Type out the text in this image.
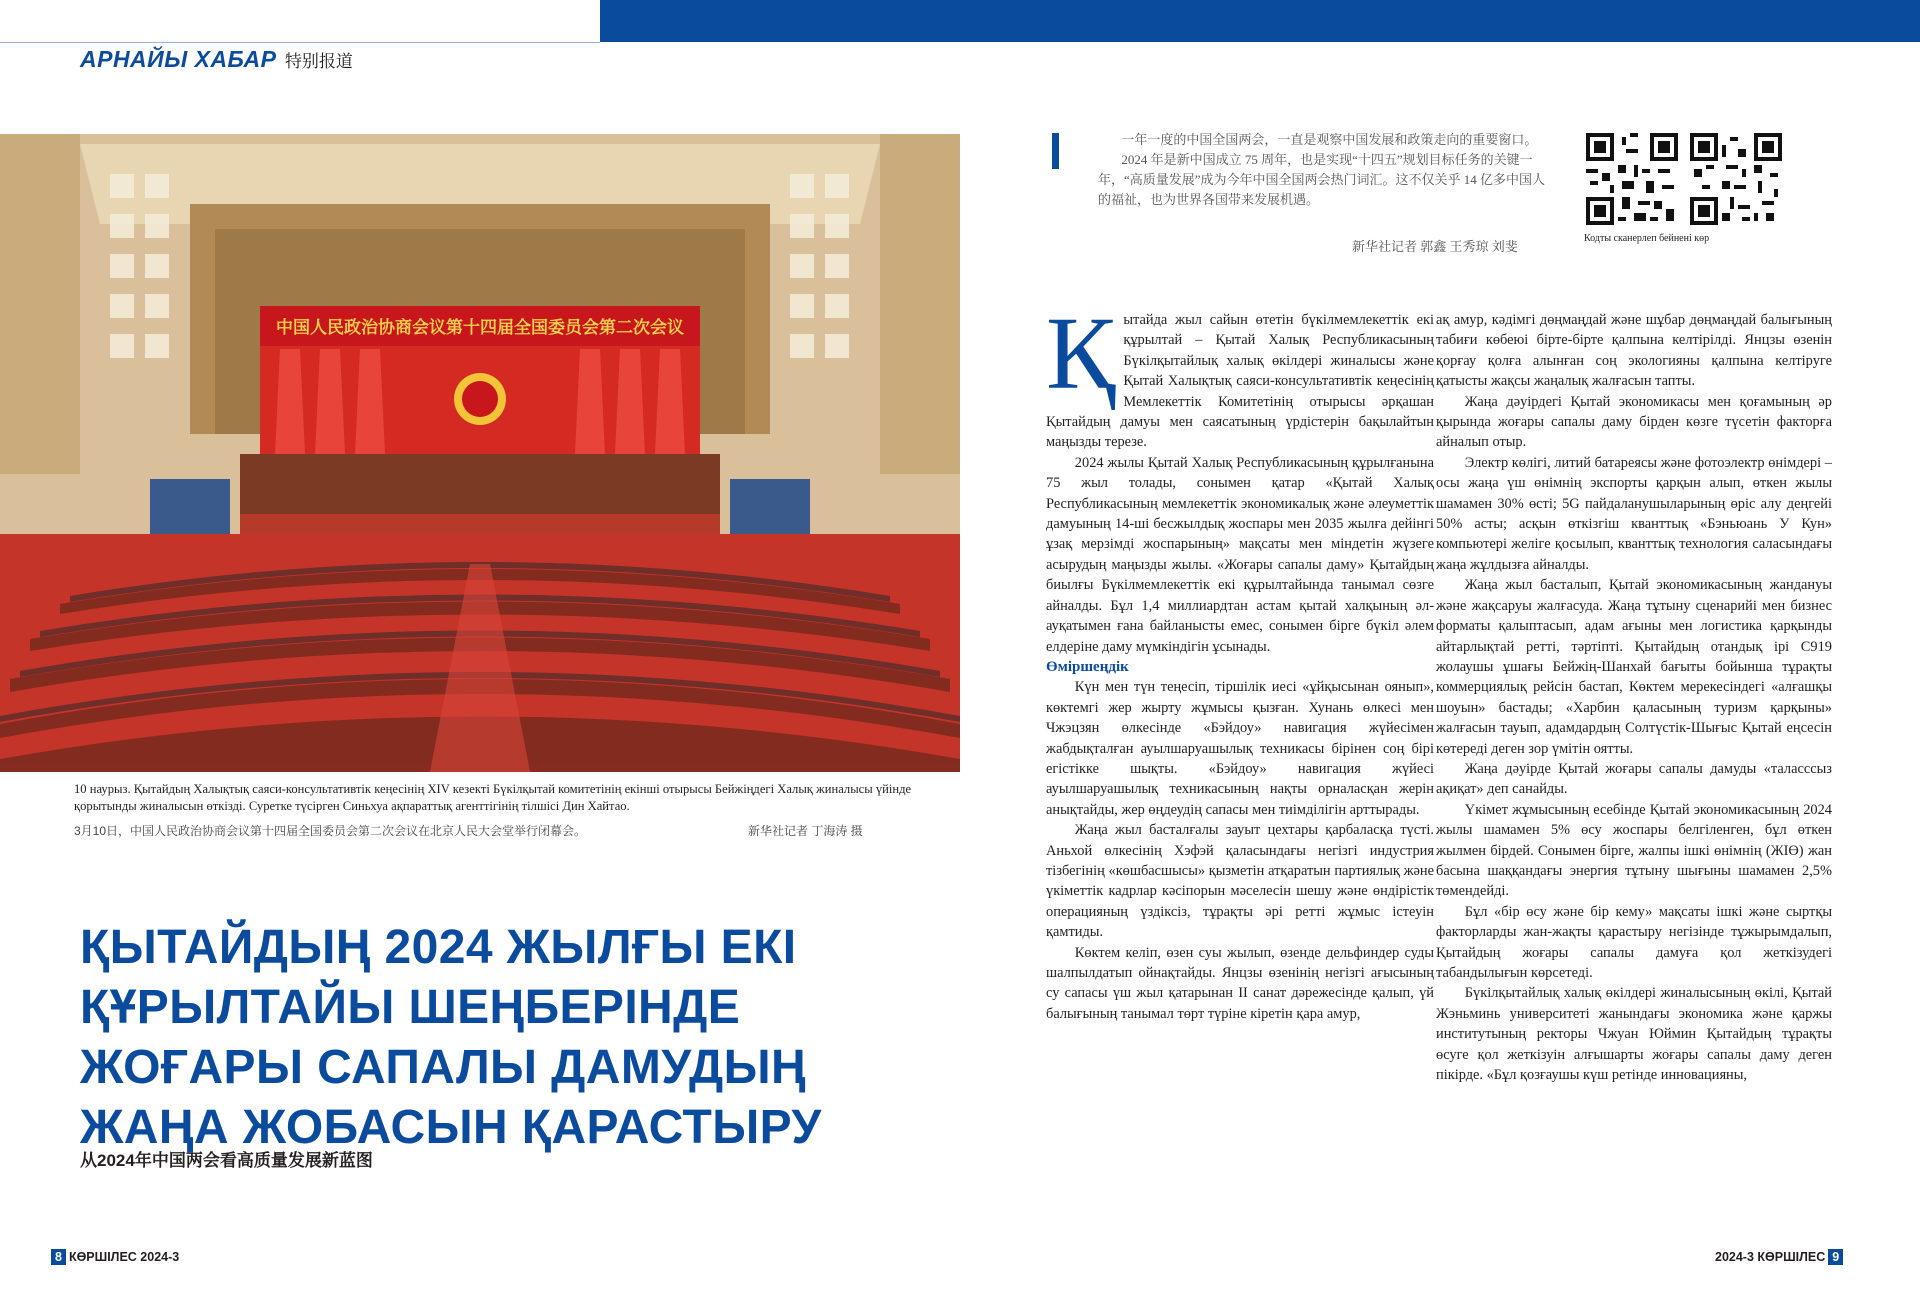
АРНАЙЫ ХАБАР 特别报道
中国人民政治协商会议第十四届全国委员会第二次会议
10 наурыз. Қытайдың Халықтық саяси-консультативтік кеңесінің XIV кезекті Бүкілқытай комитетінің екінші отырысы Бейжіңдегі Халық жиналысы үйінде қорытынды жиналысын өткізді. Суретке түсірген Синьхуа ақпараттық агенттігінің тілшісі Дин Хайтао.
3月10日，中国人民政治协商会议第十四届全国委员会第二次会议在北京人民大会堂举行闭幕会。	新华社记者 丁海涛 摄
ҚЫТАЙДЫҢ 2024 ЖЫЛҒЫ ЕКІ ҚҰРЫЛТАЙЫ ШЕҢБЕРІНДЕ ЖОҒАРЫ САПАЛЫ ДАМУДЫҢ ЖАҢА ЖОБАСЫН ҚАРАСТЫРУ
从2024年中国两会看高质量发展新蓝图

一年一度的中国全国两会，一直是观察中国发展和政策走向的重要窗口。

2024 年是新中国成立 75 周年，也是实现“十四五”规划目标任务的关键一年，“高质量发展”成为今年中国全国两会热门词汇。这不仅关乎 14 亿多中国人的福祉，也为世界各国带来发展机遇。

新华社记者 郭鑫 王秀琼 刘斐
Кодты сканерлеп бейнені көр

Қытайда жыл сайын өтетін бүкілмемлекеттік екі құрылтай – Қытай Халық Республикасының Бүкілқытайлық халық өкілдері жиналысы және Қытай Халықтық саяси-консультативтік кеңесінің Мемлекеттік Комитетінің отырысы әрқашан Қытайдың дамуы мен саясатының үрдістерін бақылайтын маңызды терезе.

2024 жылы Қытай Халық Республикасының құрылғанына 75 жыл толады, сонымен қатар «Қытай Халық Республикасының мемлекеттік экономикалық және әлеуметтік дамуының 14-ші бесжылдық жоспары мен 2035 жылға дейінгі ұзақ мерзімді жоспарының» мақсаты мен міндетін жүзеге асырудың маңызды жылы. «Жоғары сапалы даму» Қытайдың биылғы Бүкілмемлекеттік екі құрылтайында танымал сөзге айналды. Бұл 1,4 миллиардтан астам қытай халқының әл-ауқатымен ғана байланысты емес, сонымен бірге бүкіл әлем елдеріне даму мүмкіндігін ұсынады.

Өміршеңдік

Күн мен түн теңесіп, тіршілік иесі «ұйқысынан оянып», көктемгі жер жырту жұмысы қызған. Хунань өлкесі мен Чжэцзян өлкесінде «Бэйдоу» навигация жүйесімен жабдықталған ауылшаруашылық техникасы бірінен соң бірі егістікке шықты. «Бэйдоу» навигация жүйесі ауылшаруашылық техникасының нақты орналасқан жерін анықтайды, жер өңдеудің сапасы мен тиімділігін арттырады.

Жаңа жыл басталғалы зауыт цехтары қарбаласқа түсті. Аньхой өлкесінің Хэфэй қаласындағы негізгі индустрия тізбегінің «көшбасшысы» қызметін атқаратын партиялық және үкіметтік кадрлар кәсіпорын мәселесін шешу және өндірістік операцияның үздіксіз, тұрақты әрі ретті жұмыс істеуін қамтиды.

Көктем келіп, өзен суы жылып, өзенде дельфиндер суды шалпылдатып ойнақтайды. Янцзы өзенінің негізгі ағысының су сапасы үш жыл қатарынан II санат дәрежесінде қалып, үй балығының танымал төрт түріне кіретін қара амур,

ақ амур, кәдімгі дөңмаңдай және шұбар дөңмаңдай балығының табиғи көбеюі бірте-бірте қалпына келтірілді. Янцзы өзенін қорғау қолға алынған соң экологияны қалпына келтіруге қатысты жақсы жаңалық жалғасын тапты.

Жаңа дәуірдегі Қытай экономикасы мен қоғамының әр қырында жоғары сапалы даму бірден көзге түсетін факторға айналып отыр.

Электр көлігі, литий батареясы және фотоэлектр өнімдері – осы жаңа үш өнімнің экспорты қарқын алып, өткен жылы шамамен 30% өсті; 5G пайдаланушыларының өріс алу деңгейі 50% асты; асқын өткізгіш кванттық «Бэньюань У Кун» компьютері желіге қосылып, кванттық технология саласындағы жаңа жұлдызға айналды.

Жаңа жыл басталып, Қытай экономикасының жандануы және жақсаруы жалғасуда. Жаңа тұтыну сценарийі мен бизнес форматы қалыптасып, адам ағыны мен логистика қарқынды айтарлықтай ретті, тәртіпті. Қытайдың отандық ірі С919 жолаушы ұшағы Бейжің-Шанхай бағыты бойынша тұрақты коммерциялық рейсін бастап, Көктем мерекесіндегі «алғашқы шоуын» бастады; «Харбин қаласының туризм қарқыны» жалғасын тауып, адамдардың Солтүстік-Шығыс Қытай еңсесін көтереді деген зор үмітін оятты.

Жаңа дәуірде Қытай жоғары сапалы дамуды «таласссыз ақиқат» деп санайды.

Үкімет жұмысының есебінде Қытай экономикасының 2024 жылы шамамен 5% өсу жоспары белгіленген, бұл өткен жылмен бірдей. Сонымен бірге, жалпы ішкі өнімнің (ЖІӨ) жан басына шаққандағы энергия тұтыну шығыны шамамен 2,5% төмендейді.

Бұл «бір өсу және бір кему» мақсаты ішкі және сыртқы факторларды жан-жақты қарастыру негізінде тұжырымдалып, Қытайдың жоғары сапалы дамуға қол жеткізудегі табандылығын көрсетеді.

Бүкілқытайлық халық өкілдері жиналысының өкілі, Қытай Жэньминь университеті жанындағы экономика және қаржы институтының ректоры Чжуан Юймин Қытайдың тұрақты өсуге қол жеткізуін алғышарты жоғары сапалы даму деген пікірде. «Бұл қозғаушы күш ретінде инновацияны,

8 КӨРШІЛЕС 2024-3	2024-3 КӨРШІЛЕС 9
